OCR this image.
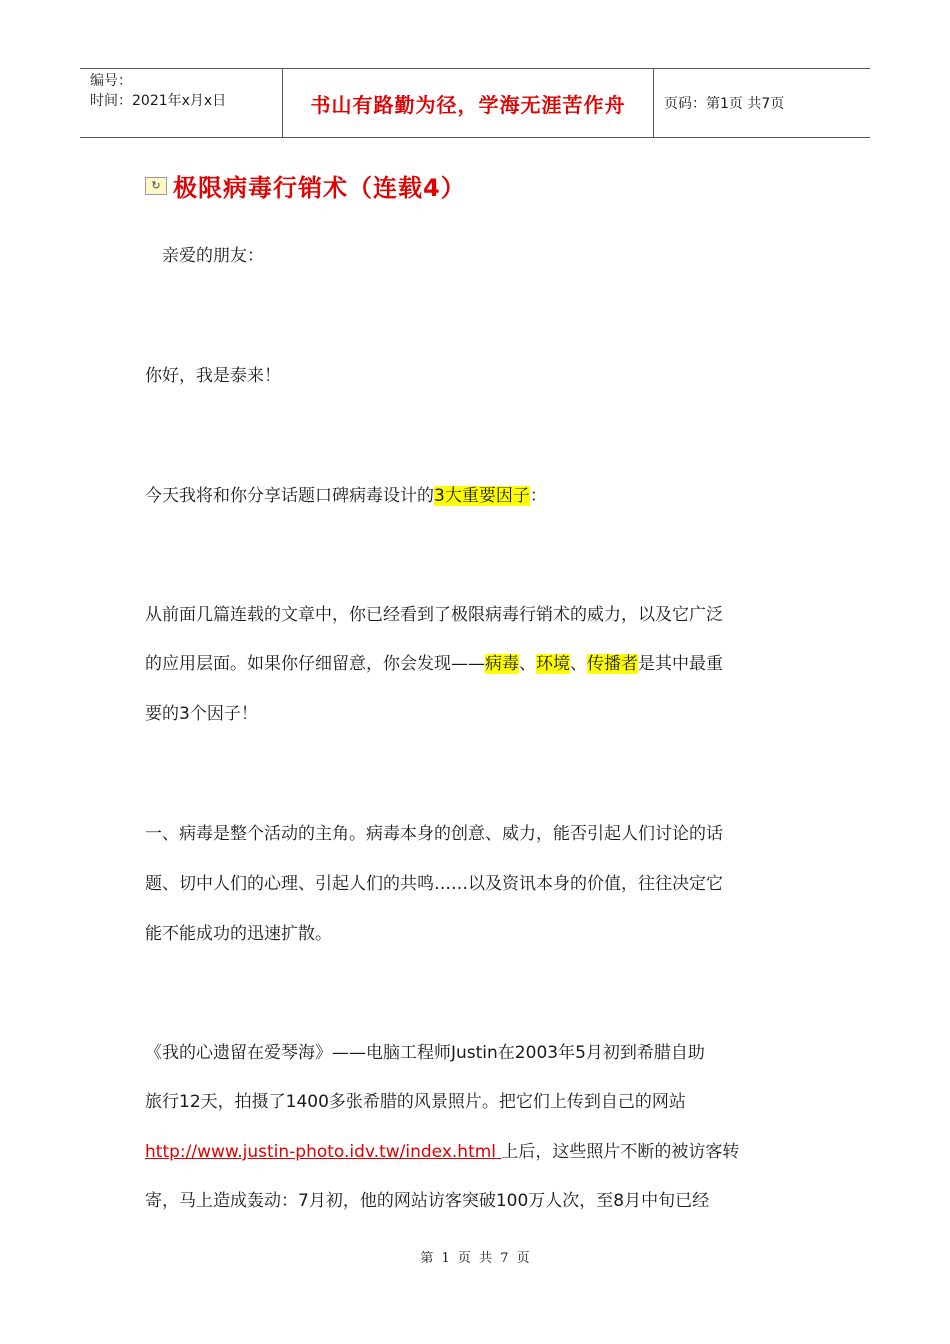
编号：
时间：2021年x月x日	书山有路勤为径，学海无涯苦作舟	页码：第1页 共7页
↻ 极限病毒行销术（连载4）
亲爱的朋友：
你好，我是泰来！
今天我将和你分享话题口碑病毒设计的3大重要因子：
从前面几篇连载的文章中，你已经看到了极限病毒行销术的威力，以及它广泛
的应用层面。如果你仔细留意，你会发现——病毒、环境、传播者是其中最重
要的3个因子！
一、病毒是整个活动的主角。病毒本身的创意、威力，能否引起人们讨论的话
题、切中人们的心理、引起人们的共鸣……以及资讯本身的价值，往往决定它
能不能成功的迅速扩散。
《我的心遗留在爱琴海》——电脑工程师Justin在2003年5月初到希腊自助
旅行12天，拍摄了1400多张希腊的风景照片。把它们上传到自己的网站
http://www.justin-photo.idv.tw/index.html 上后，这些照片不断的被访客转
寄，马上造成轰动：7月初，他的网站访客突破100万人次，至8月中旬已经
第 1 页 共 7 页
